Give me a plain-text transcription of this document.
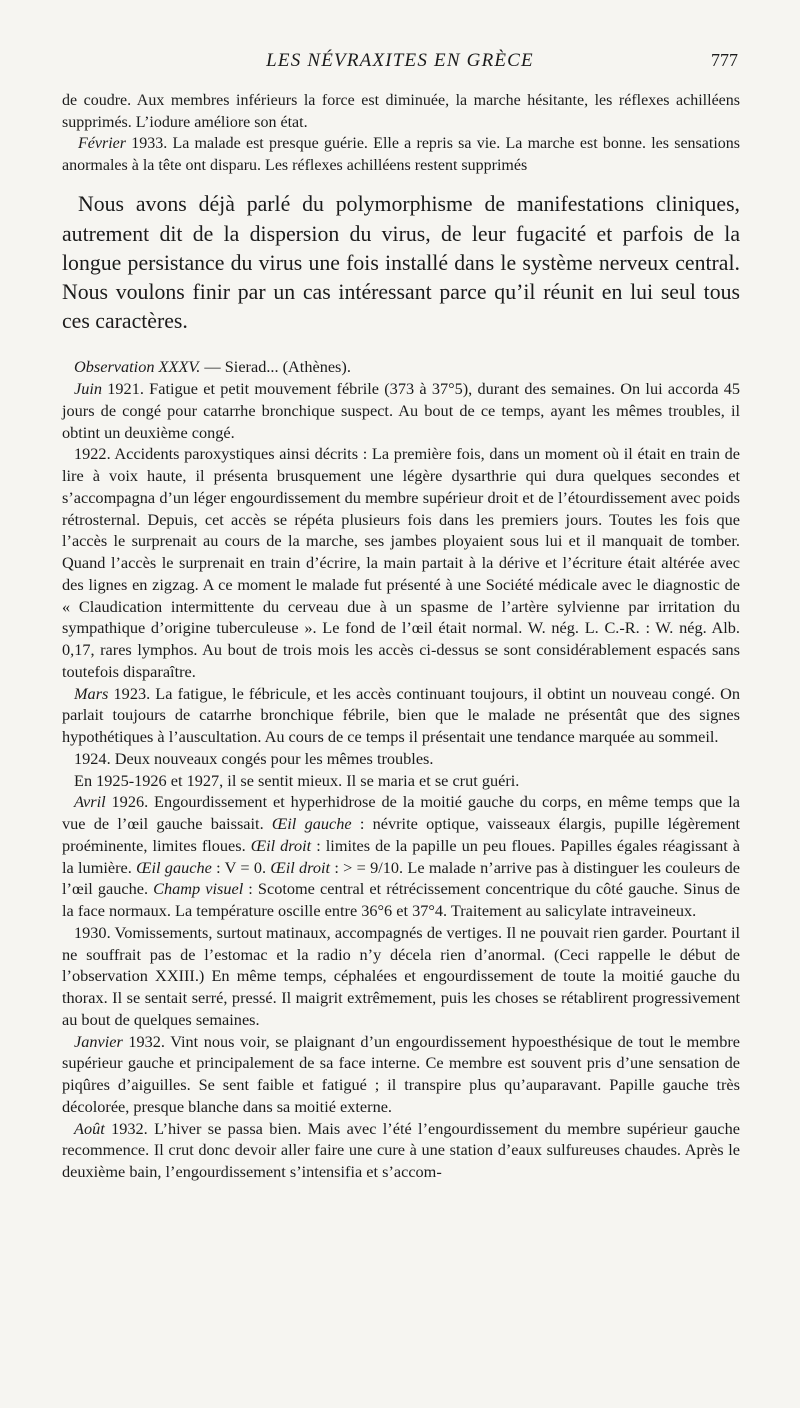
LES NÉVRAXITES EN GRÈCE	777

de coudre. Aux membres inférieurs la force est diminuée, la marche hésitante, les réflexes achilléens supprimés. L’iodure améliore son état.

Février 1933. La malade est presque guérie. Elle a repris sa vie. La marche est bonne. les sensations anormales à la tête ont disparu. Les réflexes achilléens restent supprimés

Nous avons déjà parlé du polymorphisme de manifestations cliniques, autrement dit de la dispersion du virus, de leur fugacité et parfois de la longue persistance du virus une fois installé dans le système nerveux central. Nous voulons finir par un cas intéressant parce qu’il réunit en lui seul tous ces caractères.

Observation XXXV. — Sierad... (Athènes).

Juin 1921. Fatigue et petit mouvement fébrile (373 à 37°5), durant des semaines. On lui accorda 45 jours de congé pour catarrhe bronchique suspect. Au bout de ce temps, ayant les mêmes troubles, il obtint un deuxième congé.

1922. Accidents paroxystiques ainsi décrits : La première fois, dans un moment où il était en train de lire à voix haute, il présenta brusquement une légère dysarthrie qui dura quelques secondes et s’accompagna d’un léger engourdissement du membre supérieur droit et de l’étourdissement avec poids rétrosternal. Depuis, cet accès se répéta plusieurs fois dans les premiers jours. Toutes les fois que l’accès le surprenait au cours de la marche, ses jambes ployaient sous lui et il manquait de tomber. Quand l’accès le surprenait en train d’écrire, la main partait à la dérive et l’écriture était altérée avec des lignes en zigzag. A ce moment le malade fut présenté à une Société médicale avec le diagnostic de « Claudication intermittente du cerveau due à un spasme de l’artère sylvienne par irritation du sympathique d’origine tuberculeuse ». Le fond de l’œil était normal. W. nég. L. C.-R. : W. nég. Alb. 0,17, rares lymphos. Au bout de trois mois les accès ci-dessus se sont considérablement espacés sans toutefois disparaître.

Mars 1923. La fatigue, le fébricule, et les accès continuant toujours, il obtint un nouveau congé. On parlait toujours de catarrhe bronchique fébrile, bien que le malade ne présentât que des signes hypothétiques à l’auscultation. Au cours de ce temps il présentait une tendance marquée au sommeil.

1924. Deux nouveaux congés pour les mêmes troubles.

En 1925-1926 et 1927, il se sentit mieux. Il se maria et se crut guéri.

Avril 1926. Engourdissement et hyperhidrose de la moitié gauche du corps, en même temps que la vue de l’œil gauche baissait. Œil gauche : névrite optique, vaisseaux élargis, pupille légèrement proéminente, limites floues. Œil droit : limites de la papille un peu floues. Papilles égales réagissant à la lumière. Œil gauche : V = 0. Œil droit : > = 9/10. Le malade n’arrive pas à distinguer les couleurs de l’œil gauche. Champ visuel : Scotome central et rétrécissement concentrique du côté gauche. Sinus de la face normaux. La température oscille entre 36°6 et 37°4. Traitement au salicylate intraveineux.

1930. Vomissements, surtout matinaux, accompagnés de vertiges. Il ne pouvait rien garder. Pourtant il ne souffrait pas de l’estomac et la radio n’y décela rien d’anormal. (Ceci rappelle le début de l’observation XXIII.) En même temps, céphalées et engourdissement de toute la moitié gauche du thorax. Il se sentait serré, pressé. Il maigrit extrêmement, puis les choses se rétablirent progressivement au bout de quelques semaines.

Janvier 1932. Vint nous voir, se plaignant d’un engourdissement hypoesthésique de tout le membre supérieur gauche et principalement de sa face interne. Ce membre est souvent pris d’une sensation de piqûres d’aiguilles. Se sent faible et fatigué ; il transpire plus qu’auparavant. Papille gauche très décolorée, presque blanche dans sa moitié externe.

Août 1932. L’hiver se passa bien. Mais avec l’été l’engourdissement du membre supérieur gauche recommence. Il crut donc devoir aller faire une cure à une station d’eaux sulfureuses chaudes. Après le deuxième bain, l’engourdissement s’intensifia et s’accom-
